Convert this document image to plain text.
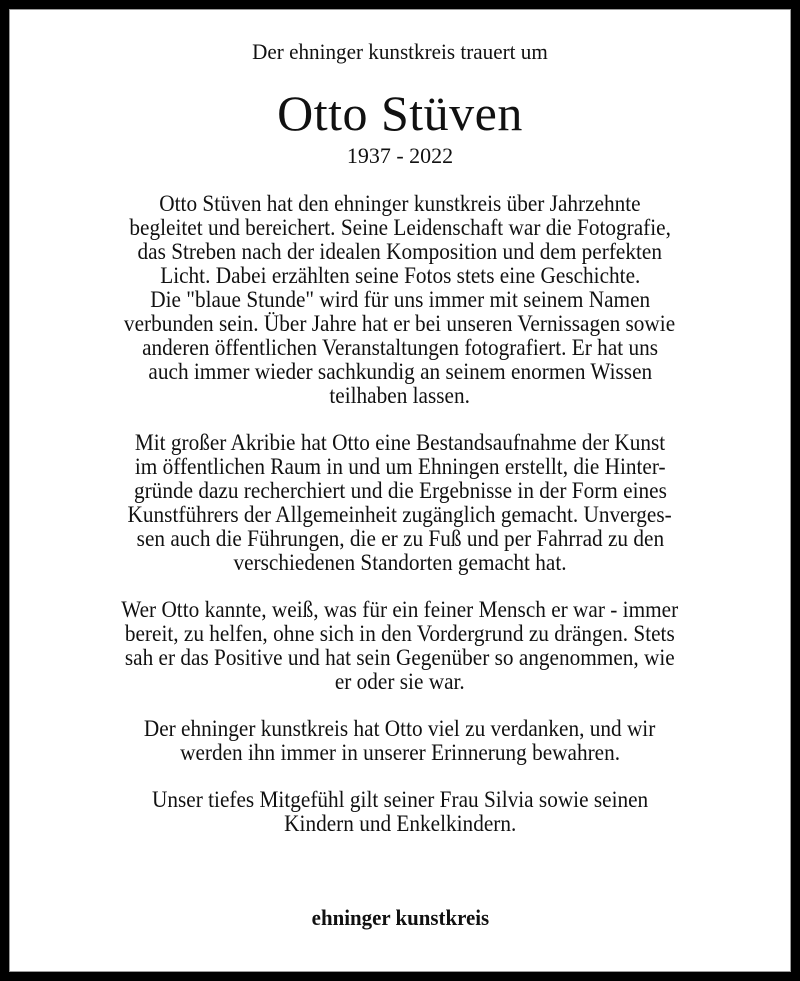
Der ehninger kunstkreis trauert um
Otto Stüven
1937 - 2022
Otto Stüven hat den ehninger kunstkreis über Jahrzehnte
begleitet und bereichert. Seine Leidenschaft war die Fotografie,
das Streben nach der idealen Komposition und dem perfekten
Licht. Dabei erzählten seine Fotos stets eine Geschichte.
Die "blaue Stunde" wird für uns immer mit seinem Namen
verbunden sein. Über Jahre hat er bei unseren Vernissagen sowie
anderen öffentlichen Veranstaltungen fotografiert. Er hat uns
auch immer wieder sachkundig an seinem enormen Wissen
teilhaben lassen.
Mit großer Akribie hat Otto eine Bestandsaufnahme der Kunst
im öffentlichen Raum in und um Ehningen erstellt, die Hinter-
gründe dazu recherchiert und die Ergebnisse in der Form eines
Kunstführers der Allgemeinheit zugänglich gemacht. Unverges-
sen auch die Führungen, die er zu Fuß und per Fahrrad zu den
verschiedenen Standorten gemacht hat.
Wer Otto kannte, weiß, was für ein feiner Mensch er war - immer
bereit, zu helfen, ohne sich in den Vordergrund zu drängen. Stets
sah er das Positive und hat sein Gegenüber so angenommen, wie
er oder sie war.
Der ehninger kunstkreis hat Otto viel zu verdanken, und wir
werden ihn immer in unserer Erinnerung bewahren.
Unser tiefes Mitgefühl gilt seiner Frau Silvia sowie seinen
Kindern und Enkelkindern.
ehninger kunstkreis
